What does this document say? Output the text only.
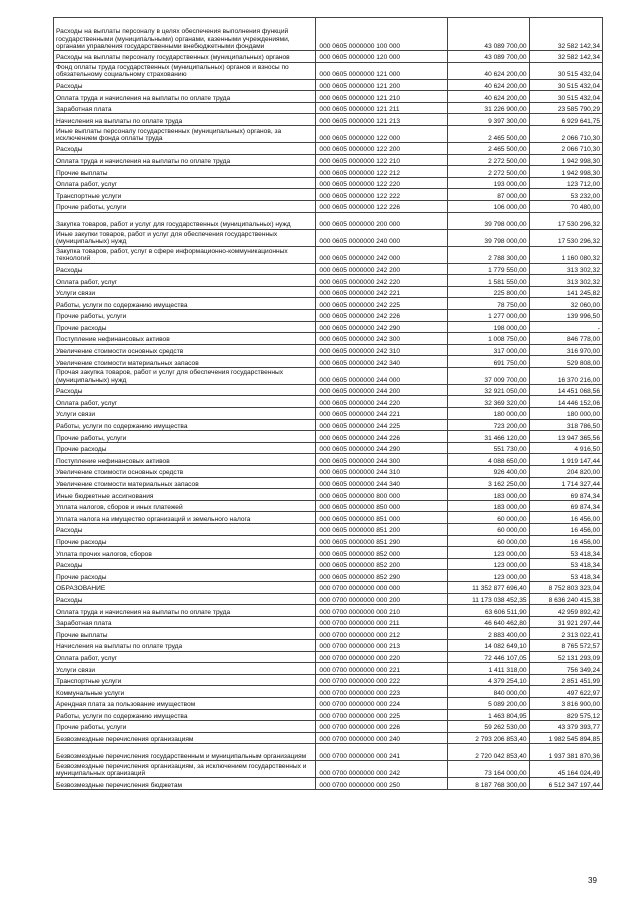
Расходы на выплаты персоналу в целях обеспечения выполнения функций государственными (муниципальными) органами, казенными учреждениями, органами управления государственными внебюджетными фондами	000 0605 0000000 100 000	43 089 700,00	32 582 142,34
Расходы на выплаты персоналу государственных (муниципальных) органов	000 0605 0000000 120 000	43 089 700,00	32 582 142,34
Фонд оплаты труда государственных (муниципальных) органов и взносы по обязательному социальному страхованию	000 0605 0000000 121 000	40 624 200,00	30 515 432,04
Расходы	000 0605 0000000 121 200	40 624 200,00	30 515 432,04
Оплата труда и начисления на выплаты по оплате труда	000 0605 0000000 121 210	40 624 200,00	30 515 432,04
Заработная плата	000 0605 0000000 121 211	31 226 900,00	23 585 790,29
Начисления на выплаты по оплате труда	000 0605 0000000 121 213	9 397 300,00	6 929 641,75
Иные выплаты персоналу государственных (муниципальных) органов, за исключением фонда оплаты труда	000 0605 0000000 122 000	2 465 500,00	2 066 710,30
Расходы	000 0605 0000000 122 200	2 465 500,00	2 066 710,30
Оплата труда и начисления на выплаты по оплате труда	000 0605 0000000 122 210	2 272 500,00	1 942 998,30
Прочие выплаты	000 0605 0000000 122 212	2 272 500,00	1 942 998,30
Оплата работ, услуг	000 0605 0000000 122 220	193 000,00	123 712,00
Транспортные услуги	000 0605 0000000 122 222	87 000,00	53 232,00
Прочие работы, услуги	000 0605 0000000 122 226	106 000,00	70 480,00
Закупка товаров, работ и услуг для государственных (муниципальных) нужд	000 0605 0000000 200 000	39 798 000,00	17 530 296,32
Иные закупки товаров, работ и услуг для обеспечения государственных (муниципальных) нужд	000 0605 0000000 240 000	39 798 000,00	17 530 296,32
Закупка товаров, работ, услуг в сфере информационно-коммуникационных технологий	000 0605 0000000 242 000	2 788 300,00	1 160 080,32
Расходы	000 0605 0000000 242 200	1 779 550,00	313 302,32
Оплата работ, услуг	000 0605 0000000 242 220	1 581 550,00	313 302,32
Услуги связи	000 0605 0000000 242 221	225 800,00	141 245,82
Работы, услуги по содержанию имущества	000 0605 0000000 242 225	78 750,00	32 060,00
Прочие работы, услуги	000 0605 0000000 242 226	1 277 000,00	139 996,50
Прочие расходы	000 0605 0000000 242 290	198 000,00	-
Поступление нефинансовых активов	000 0605 0000000 242 300	1 008 750,00	846 778,00
Увеличение стоимости основных средств	000 0605 0000000 242 310	317 000,00	316 970,00
Увеличение стоимости материальных запасов	000 0605 0000000 242 340	691 750,00	529 808,00
Прочая закупка товаров, работ и услуг для обеспечения государственных (муниципальных) нужд	000 0605 0000000 244 000	37 009 700,00	16 370 216,00
Расходы	000 0605 0000000 244 200	32 921 050,00	14 451 068,56
Оплата работ, услуг	000 0605 0000000 244 220	32 369 320,00	14 446 152,06
Услуги связи	000 0605 0000000 244 221	180 000,00	180 000,00
Работы, услуги по содержанию имущества	000 0605 0000000 244 225	723 200,00	318 786,50
Прочие работы, услуги	000 0605 0000000 244 226	31 466 120,00	13 947 365,56
Прочие расходы	000 0605 0000000 244 290	551 730,00	4 916,50
Поступление нефинансовых активов	000 0605 0000000 244 300	4 088 650,00	1 919 147,44
Увеличение стоимости основных средств	000 0605 0000000 244 310	926 400,00	204 820,00
Увеличение стоимости материальных запасов	000 0605 0000000 244 340	3 162 250,00	1 714 327,44
Иные бюджетные ассигнования	000 0605 0000000 800 000	183 000,00	69 874,34
Уплата налогов, сборов и иных платежей	000 0605 0000000 850 000	183 000,00	69 874,34
Уплата налога на имущество организаций и земельного налога	000 0605 0000000 851 000	60 000,00	16 456,00
Расходы	000 0605 0000000 851 200	60 000,00	16 456,00
Прочие расходы	000 0605 0000000 851 290	60 000,00	16 456,00
Уплата прочих налогов, сборов	000 0605 0000000 852 000	123 000,00	53 418,34
Расходы	000 0605 0000000 852 200	123 000,00	53 418,34
Прочие расходы	000 0605 0000000 852 290	123 000,00	53 418,34
ОБРАЗОВАНИЕ	000 0700 0000000 000 000	11 352 877 696,40	8 752 803 323,04
Расходы	000 0700 0000000 000 200	11 173 038 452,35	8 636 240 415,38
Оплата труда и начисления на выплаты по оплате труда	000 0700 0000000 000 210	63 606 511,90	42 959 892,42
Заработная плата	000 0700 0000000 000 211	46 640 462,80	31 921 297,44
Прочие выплаты	000 0700 0000000 000 212	2 883 400,00	2 313 022,41
Начисления на выплаты по оплате труда	000 0700 0000000 000 213	14 082 649,10	8 765 572,57
Оплата работ, услуг	000 0700 0000000 000 220	72 446 107,05	52 131 293,09
Услуги связи	000 0700 0000000 000 221	1 411 318,00	756 349,24
Транспортные услуги	000 0700 0000000 000 222	4 379 254,10	2 851 451,99
Коммунальные услуги	000 0700 0000000 000 223	840 000,00	497 622,97
Арендная плата за пользование имуществом	000 0700 0000000 000 224	5 089 200,00	3 816 900,00
Работы, услуги по содержанию имущества	000 0700 0000000 000 225	1 463 804,95	829 575,12
Прочие работы, услуги	000 0700 0000000 000 226	59 262 530,00	43 379 393,77
Безвозмездные перечисления организациям	000 0700 0000000 000 240	2 793 206 853,40	1 982 545 894,85
Безвозмездные перечисления государственным и муниципальным организациям	000 0700 0000000 000 241	2 720 042 853,40	1 937 381 870,36
Безвозмездные перечисления организациям, за исключением государственных и муниципальных организаций	000 0700 0000000 000 242	73 164 000,00	45 164 024,49
Безвозмездные перечисления бюджетам	000 0700 0000000 000 250	8 187 768 300,00	6 512 347 197,44
39
